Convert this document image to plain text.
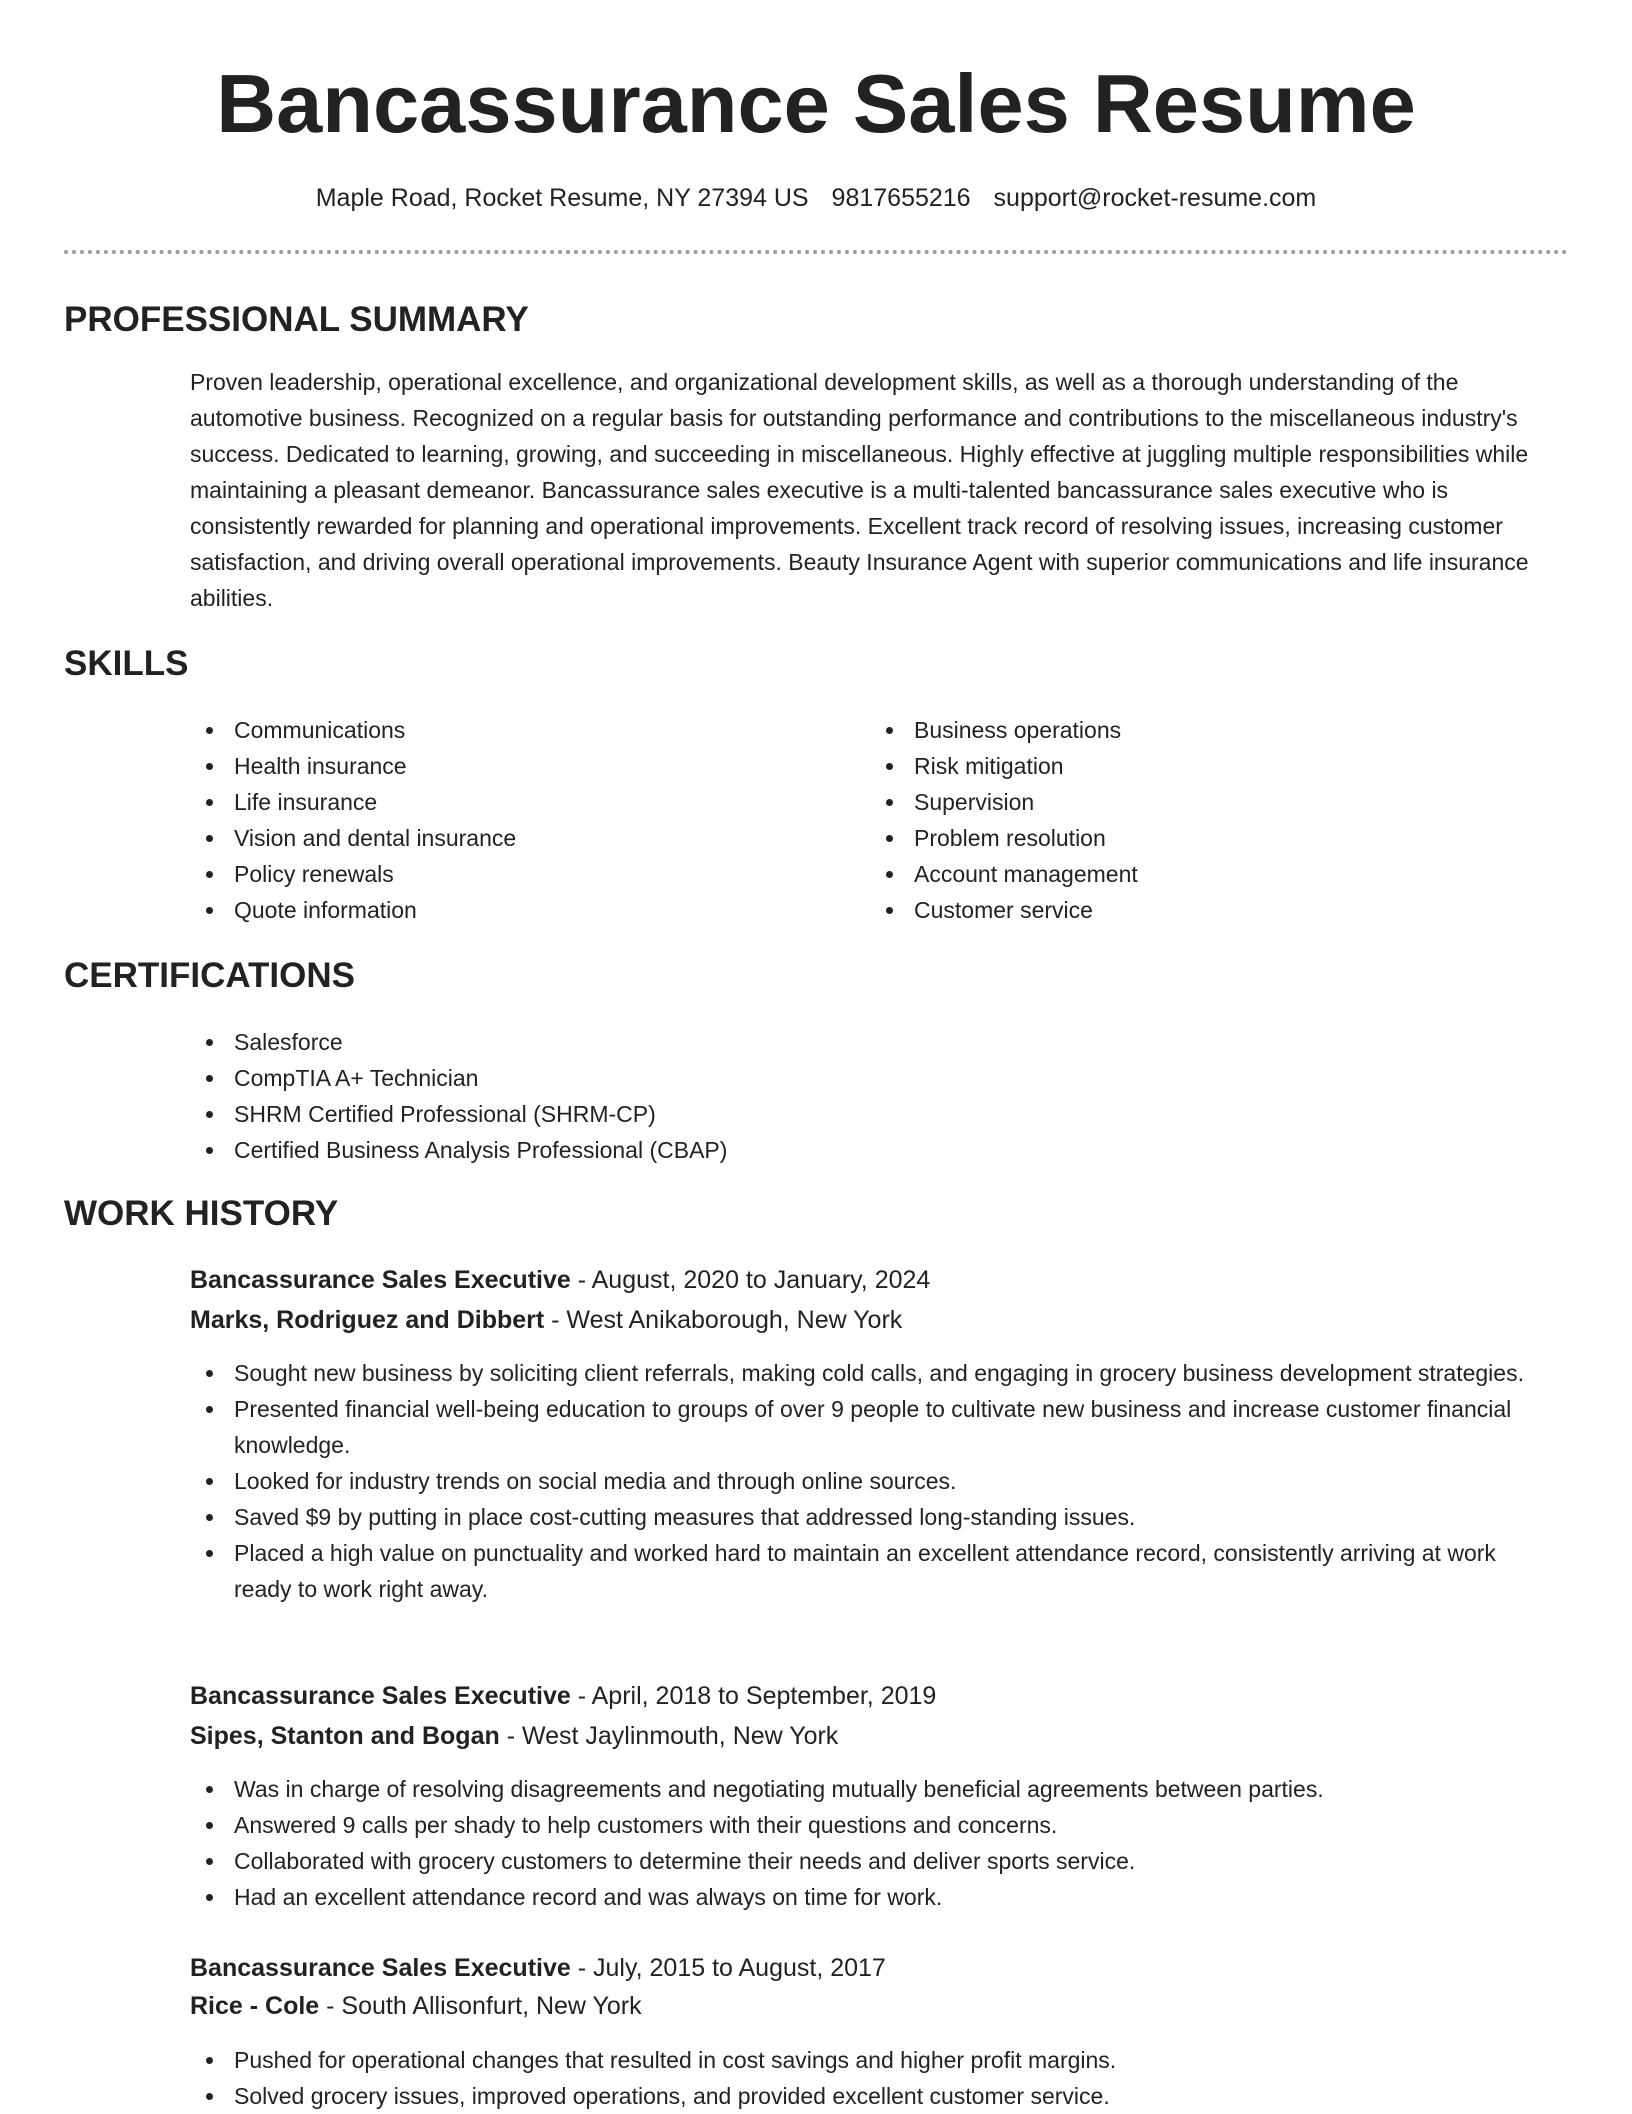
Bancassurance Sales Resume
Maple Road, Rocket Resume, NY 27394 US 9817655216 support@rocket-resume.com
PROFESSIONAL SUMMARY

Proven leadership, operational excellence, and organizational development skills, as well as a thorough understanding of the automotive business. Recognized on a regular basis for outstanding performance and contributions to the miscellaneous industry's success. Dedicated to learning, growing, and succeeding in miscellaneous. Highly effective at juggling multiple responsibilities while maintaining a pleasant demeanor. Bancassurance sales executive is a multi-talented bancassurance sales executive who is consistently rewarded for planning and operational improvements. Excellent track record of resolving issues, increasing customer satisfaction, and driving overall operational improvements. Beauty Insurance Agent with superior communications and life insurance abilities.

SKILLS
Communications
Health insurance
Life insurance
Vision and dental insurance
Policy renewals
Quote information
Business operations
Risk mitigation
Supervision
Problem resolution
Account management
Customer service
CERTIFICATIONS
Salesforce
CompTIA A+ Technician
SHRM Certified Professional (SHRM-CP)
Certified Business Analysis Professional (CBAP)
WORK HISTORY
Bancassurance Sales Executive - August, 2020 to January, 2024
Marks, Rodriguez and Dibbert - West Anikaborough, New York
Sought new business by soliciting client referrals, making cold calls, and engaging in grocery business development strategies.
Presented financial well-being education to groups of over 9 people to cultivate new business and increase customer financial knowledge.
Looked for industry trends on social media and through online sources.
Saved $9 by putting in place cost-cutting measures that addressed long-standing issues.
Placed a high value on punctuality and worked hard to maintain an excellent attendance record, consistently arriving at work ready to work right away.
Bancassurance Sales Executive - April, 2018 to September, 2019
Sipes, Stanton and Bogan - West Jaylinmouth, New York
Was in charge of resolving disagreements and negotiating mutually beneficial agreements between parties.
Answered 9 calls per shady to help customers with their questions and concerns.
Collaborated with grocery customers to determine their needs and deliver sports service.
Had an excellent attendance record and was always on time for work.
Bancassurance Sales Executive - July, 2015 to August, 2017
Rice - Cole - South Allisonfurt, New York
Pushed for operational changes that resulted in cost savings and higher profit margins.
Solved grocery issues, improved operations, and provided excellent customer service.
